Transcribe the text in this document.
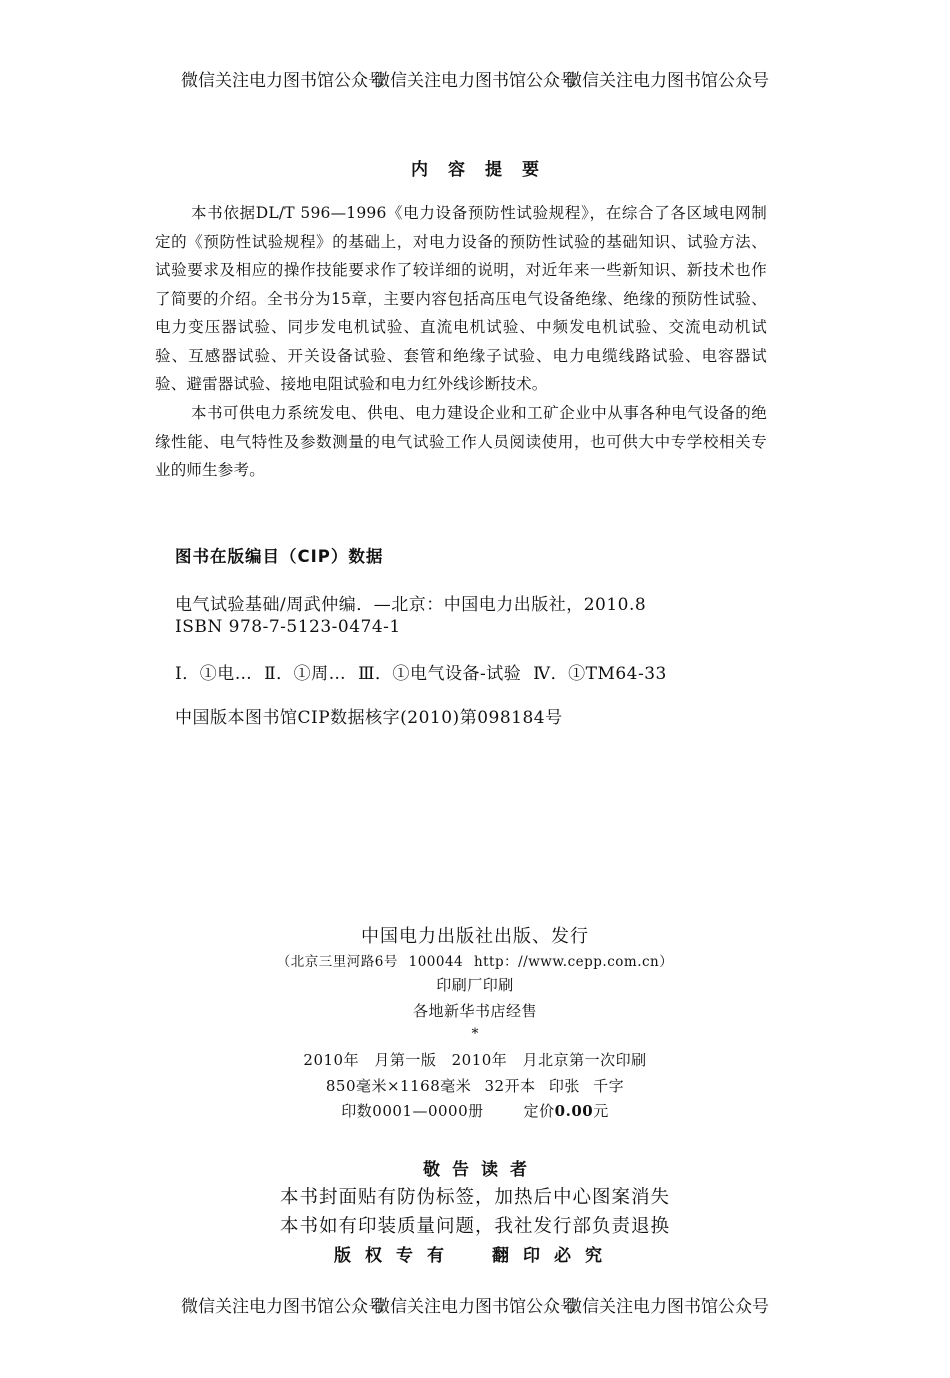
微信关注电力图书馆公众号微信关注电力图书馆公众号微信关注电力图书馆公众号
内容提要
本书依据DL/T 596—1996《电力设备预防性试验规程》，在综合了各区域电网制定的《预防性试验规程》的基础上，对电力设备的预防性试验的基础知识、试验方法、试验要求及相应的操作技能要求作了较详细的说明，对近年来一些新知识、新技术也作了简要的介绍。全书分为15章，主要内容包括高压电气设备绝缘、绝缘的预防性试验、电力变压器试验、同步发电机试验、直流电机试验、中频发电机试验、交流电动机试验、互感器试验、开关设备试验、套管和绝缘子试验、电力电缆线路试验、电容器试验、避雷器试验、接地电阻试验和电力红外线诊断技术。
本书可供电力系统发电、供电、电力建设企业和工矿企业中从事各种电气设备的绝缘性能、电气特性及参数测量的电气试验工作人员阅读使用，也可供大中专学校相关专业的师生参考。
图书在版编目（CIP）数据
电气试验基础/周武仲编．—北京：中国电力出版社，2010.8
ISBN 978-7-5123-0474-1
Ⅰ．①电… Ⅱ．①周… Ⅲ．①电气设备-试验 Ⅳ．①TM64-33
中国版本图书馆CIP数据核字(2010)第098184号
中国电力出版社出版、发行
（北京三里河路6号 100044 http：//www.cepp.com.cn）
印刷厂印刷
各地新华书店经售
*
2010年 月第一版 2010年 月北京第一次印刷
850毫米×1168毫米 32开本 印张 千字
印数0001—0000册	定价0.00元
敬告读者
本书封面贴有防伪标签，加热后中心图案消失
本书如有印装质量问题，我社发行部负责退换
版权专有 翻印必究
微信关注电力图书馆公众号微信关注电力图书馆公众号微信关注电力图书馆公众号
